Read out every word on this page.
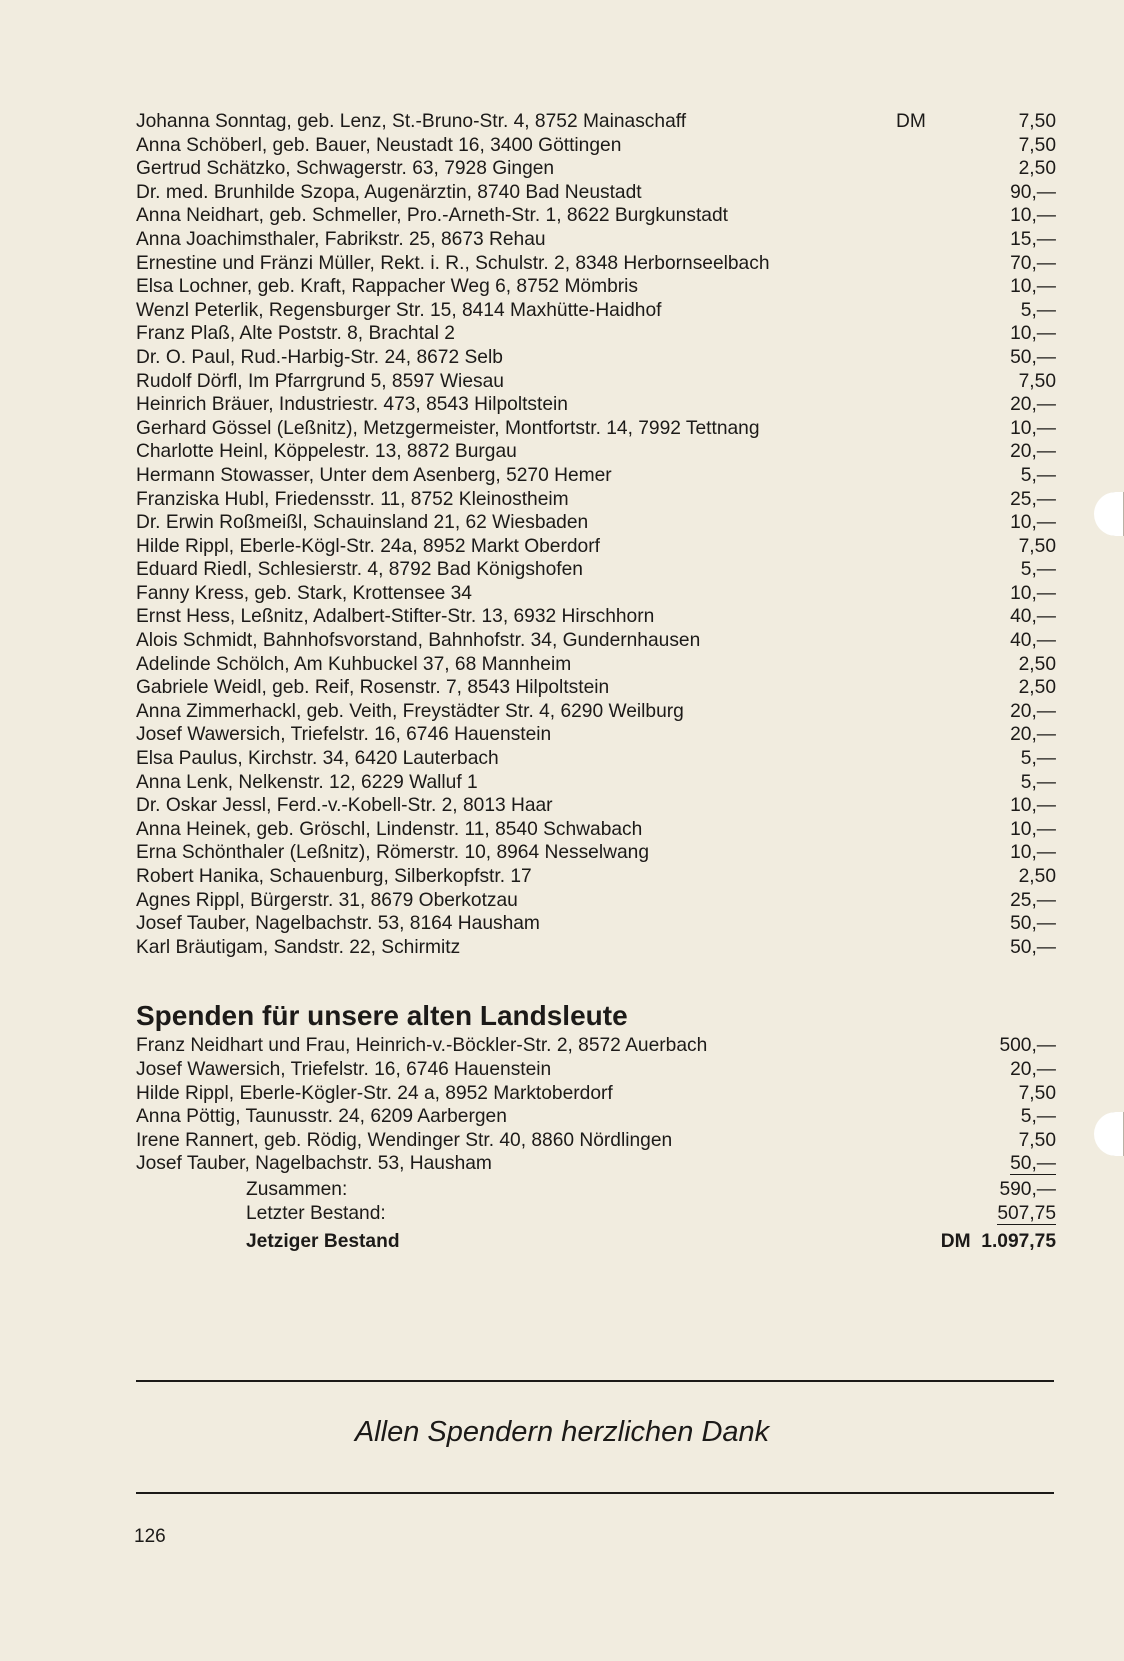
Johanna Sonntag, geb. Lenz, St.-Bruno-Str. 4, 8752 Mainaschaff	DM	7,50
Anna Schöberl, geb. Bauer, Neustadt 16, 3400 Göttingen	7,50
Gertrud Schätzko, Schwagerstr. 63, 7928 Gingen	2,50
Dr. med. Brunhilde Szopa, Augenärztin, 8740 Bad Neustadt	90,—
Anna Neidhart, geb. Schmeller, Pro.-Arneth-Str. 1, 8622 Burgkunstadt	10,—
Anna Joachimsthaler, Fabrikstr. 25, 8673 Rehau	15,—
Ernestine und Fränzi Müller, Rekt. i. R., Schulstr. 2, 8348 Herbornseelbach	70,—
Elsa Lochner, geb. Kraft, Rappacher Weg 6, 8752 Mömbris	10,—
Wenzl Peterlik, Regensburger Str. 15, 8414 Maxhütte-Haidhof	5,—
Franz Plaß, Alte Poststr. 8, Brachtal 2	10,—
Dr. O. Paul, Rud.-Harbig-Str. 24, 8672 Selb	50,—
Rudolf Dörfl, Im Pfarrgrund 5, 8597 Wiesau	7,50
Heinrich Bräuer, Industriestr. 473, 8543 Hilpoltstein	20,—
Gerhard Gössel (Leßnitz), Metzgermeister, Montfortstr. 14, 7992 Tettnang	10,—
Charlotte Heinl, Köppelestr. 13, 8872 Burgau	20,—
Hermann Stowasser, Unter dem Asenberg, 5270 Hemer	5,—
Franziska Hubl, Friedensstr. 11, 8752 Kleinostheim	25,—
Dr. Erwin Roßmeißl, Schauinsland 21, 62 Wiesbaden	10,—
Hilde Rippl, Eberle-Kögl-Str. 24a, 8952 Markt Oberdorf	7,50
Eduard Riedl, Schlesierstr. 4, 8792 Bad Königshofen	5,—
Fanny Kress, geb. Stark, Krottensee 34	10,—
Ernst Hess, Leßnitz, Adalbert-Stifter-Str. 13, 6932 Hirschhorn	40,—
Alois Schmidt, Bahnhofsvorstand, Bahnhofstr. 34, Gundernhausen	40,—
Adelinde Schölch, Am Kuhbuckel 37, 68 Mannheim	2,50
Gabriele Weidl, geb. Reif, Rosenstr. 7, 8543 Hilpoltstein	2,50
Anna Zimmerhackl, geb. Veith, Freystädter Str. 4, 6290 Weilburg	20,—
Josef Wawersich, Triefelstr. 16, 6746 Hauenstein	20,—
Elsa Paulus, Kirchstr. 34, 6420 Lauterbach	5,—
Anna Lenk, Nelkenstr. 12, 6229 Walluf 1	5,—
Dr. Oskar Jessl, Ferd.-v.-Kobell-Str. 2, 8013 Haar	10,—
Anna Heinek, geb. Gröschl, Lindenstr. 11, 8540 Schwabach	10,—
Erna Schönthaler (Leßnitz), Römerstr. 10, 8964 Nesselwang	10,—
Robert Hanika, Schauenburg, Silberkopfstr. 17	2,50
Agnes Rippl, Bürgerstr. 31, 8679 Oberkotzau	25,—
Josef Tauber, Nagelbachstr. 53, 8164 Hausham	50,—
Karl Bräutigam, Sandstr. 22, Schirmitz	50,—
Spenden für unsere alten Landsleute
Franz Neidhart und Frau, Heinrich-v.-Böckler-Str. 2, 8572 Auerbach	500,—
Josef Wawersich, Triefelstr. 16, 6746 Hauenstein	20,—
Hilde Rippl, Eberle-Kögler-Str. 24 a, 8952 Marktoberdorf	7,50
Anna Pöttig, Taunusstr. 24, 6209 Aarbergen	5,—
Irene Rannert, geb. Rödig, Wendinger Str. 40, 8860 Nördlingen	7,50
Josef Tauber, Nagelbachstr. 53, Hausham	50,—
Zusammen:	590,—
Letzter Bestand:	507,75
Jetziger Bestand	DM 1.097,75
Allen Spendern herzlichen Dank
126
